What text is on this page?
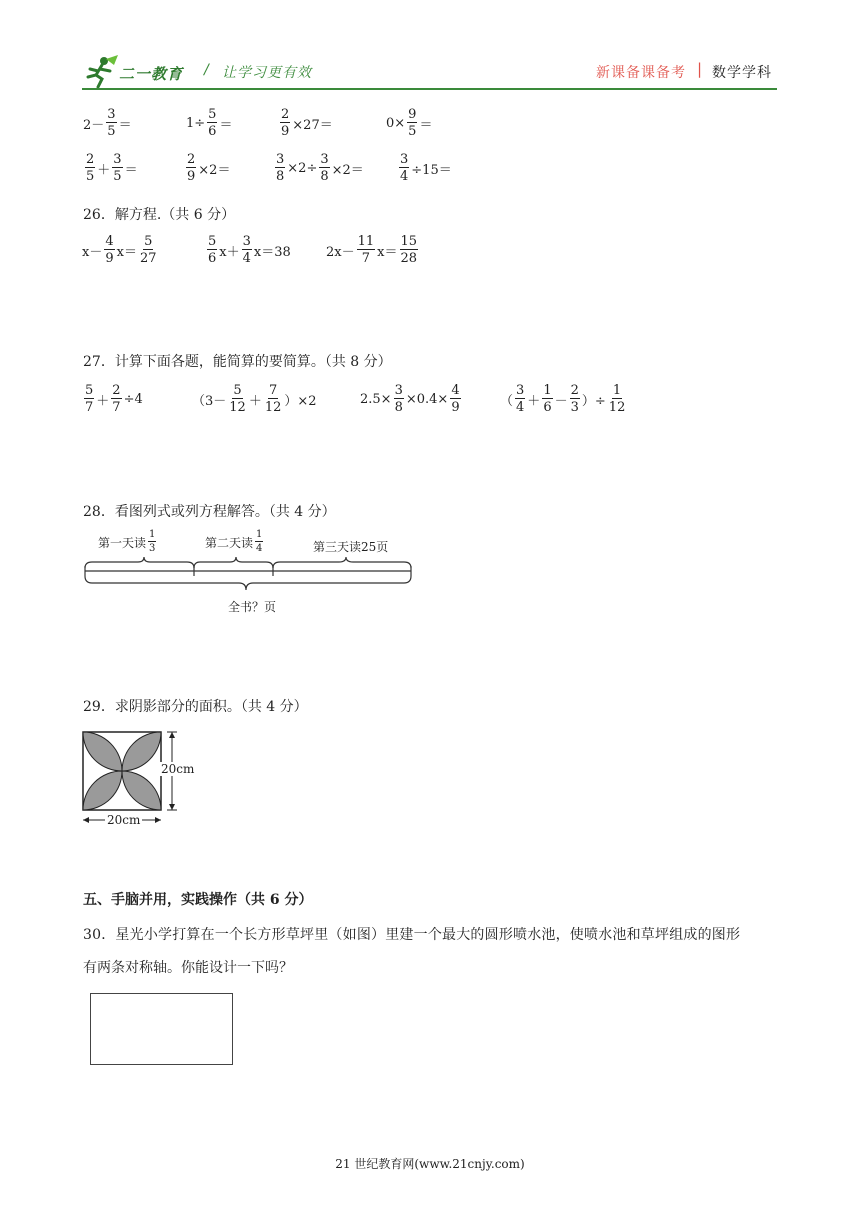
二一教育 / 让学习更有效	新课备课备考 | 数学学科
$2- \frac{3}{5}$ ＝	$1\div \frac{5}{6}$ ＝	$\frac{2}{9} \times 27=$	$0\times \frac{9}{5}$ ＝
$\frac{2}{5} + \frac{3}{5}$ ＝	$\frac{2}{9} \times 2=$	$\frac{3}{8} \times 2\div \frac{3}{8} \times 2=$	$\frac{3}{4} \div 15=$
26．解方程.（共 6 分）
$x- \frac{4}{9} x= \frac{5}{27}$	$\frac{5}{6} x+ \frac{3}{4} x=38$	$2x- \frac{11}{7} x= \frac{15}{28}$
27．计算下面各题，能简算的要简算。（共 8 分）
$\frac{5}{7} + \frac{2}{7} \div 4$	$(3- \frac{5}{12} + \frac{7}{12} )\times 2$	$2.5\times \frac{3}{8} \times 0.4\times \frac{4}{9}$	（ $\frac{3}{4} + \frac{1}{6} - \frac{2}{3}$ ）÷ $\frac{1}{12}$
28．看图列式或列方程解答。（共 4 分）
第一天读 $\frac{1}{3}$	第二天读 $\frac{1}{4}$	第三天读25页
全书？页
29．求阴影部分的面积。（共 4 分）
20cm
20cm
五、手脑并用，实践操作（共 6 分）
30．星光小学打算在一个长方形草坪里（如图）里建一个最大的圆形喷水池，使喷水池和草坪组成的图形
有两条对称轴。你能设计一下吗？
21 世纪教育网(www.21cnjy.com)
